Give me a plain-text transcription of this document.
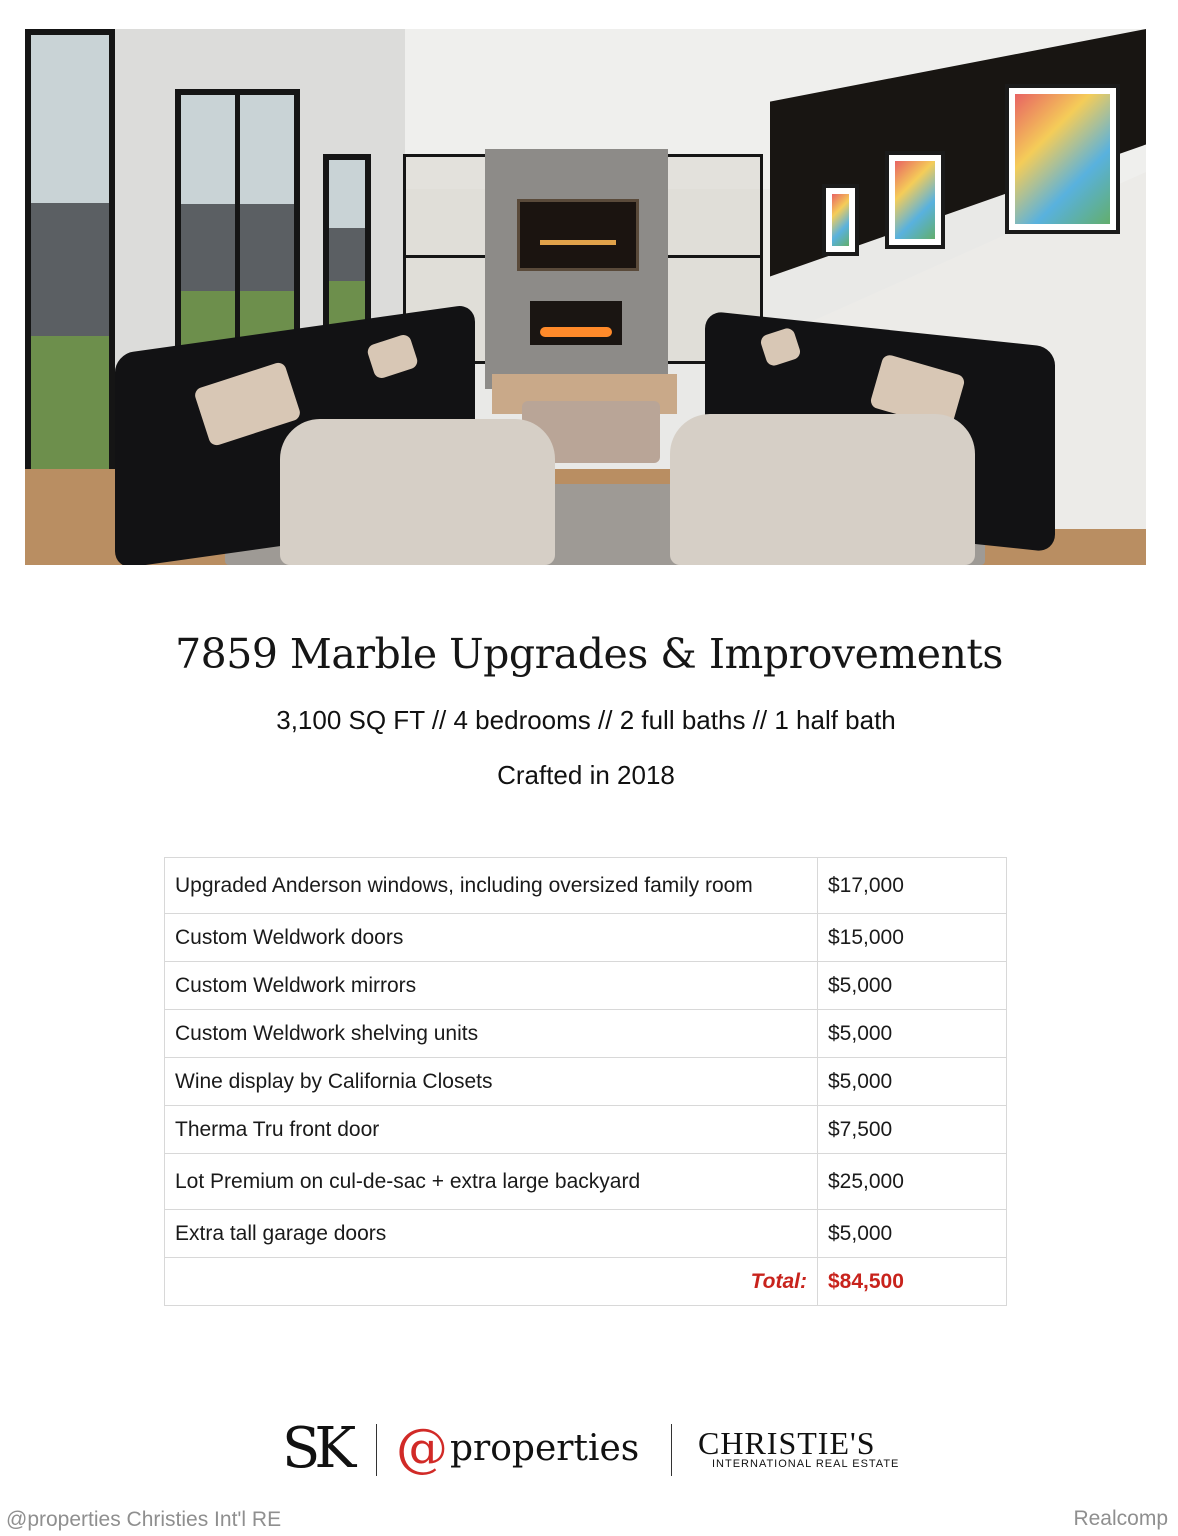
7859 Marble Upgrades & Improvements
3,100 SQ FT // 4 bedrooms // 2 full baths // 1 half bath
Crafted in 2018
Upgraded Anderson windows, including oversized family room	$17,000
Custom Weldwork doors	$15,000
Custom Weldwork mirrors	$5,000
Custom Weldwork shelving units	$5,000
Wine display by California Closets	$5,000
Therma Tru front door	$7,500
Lot Premium on cul-de-sac + extra large backyard	$25,000
Extra tall garage doors	$5,000
Total:	$84,500
SK @ properties CHRISTIE'S
INTERNATIONAL REAL ESTATE
@properties Christies Int'l RE	Realcomp
